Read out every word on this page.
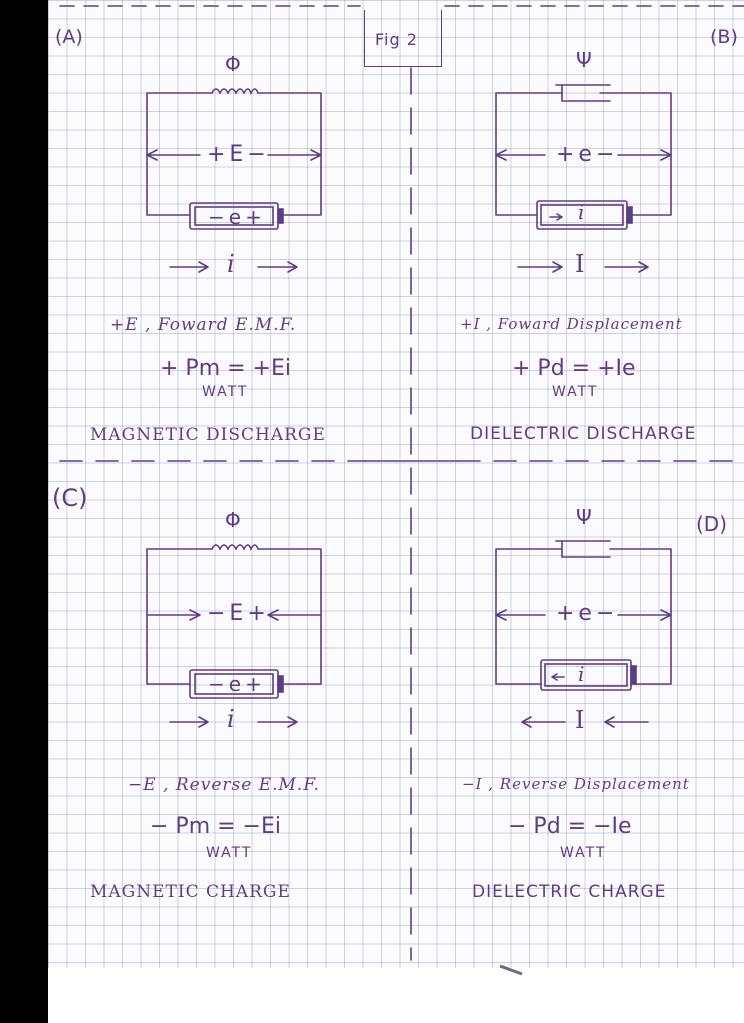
Fig 2
(A)
Φ
+E−
−e+
i
+E , Foward E.M.F.
+ Pm = +Ei
WATT
MAGNETIC DISCHARGE
(B)
Ψ
+e−
i
I
+I , Foward Displacement
+ Pd = +Ie
WATT
DIELECTRIC DISCHARGE
(C)
Φ
−E+
−e+
i
−E , Reverse E.M.F.
− Pm = −Ei
WATT
MAGNETIC CHARGE
(D)
Ψ
+e−
i
I
−I , Reverse Displacement
− Pd = −Ie
WATT
DIELECTRIC CHARGE
